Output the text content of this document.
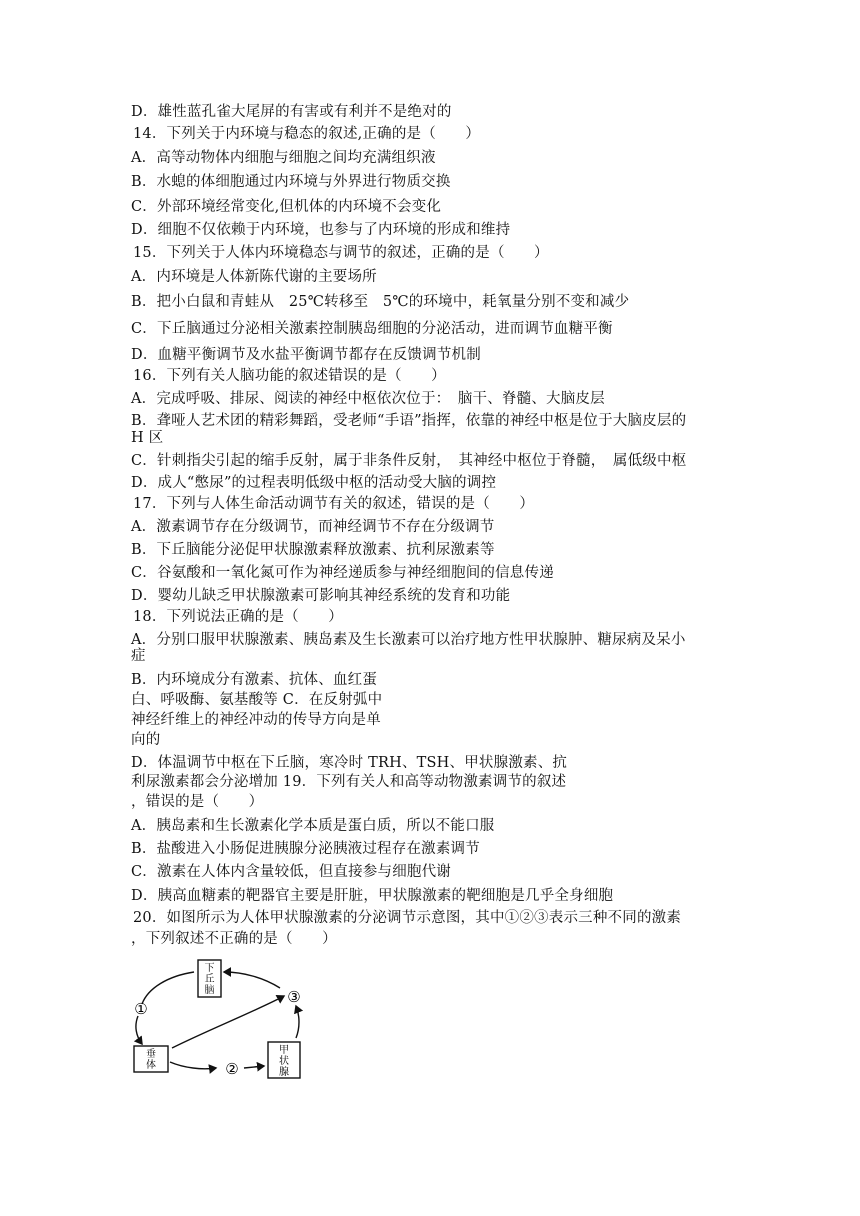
D．雄性蓝孔雀大尾屏的有害或有利并不是绝对的
14．下列关于内环境与稳态的叙述,正确的是（　　）
A．高等动物体内细胞与细胞之间均充满组织液
B．水螅的体细胞通过内环境与外界进行物质交换
C．外部环境经常变化,但机体的内环境不会变化
D．细胞不仅依赖于内环境，也参与了内环境的形成和维持
15．下列关于人体内环境稳态与调节的叙述，正确的是（　　）
A．内环境是人体新陈代谢的主要场所
B．把小白鼠和青蛙从　25℃转移至　5℃的环境中，耗氧量分别不变和减少
C．下丘脑通过分泌相关激素控制胰岛细胞的分泌活动，进而调节血糖平衡
D．血糖平衡调节及水盐平衡调节都存在反馈调节机制
16．下列有关人脑功能的叙述错误的是（　　）
A．完成呼吸、排尿、阅读的神经中枢依次位于：　脑干、脊髓、大脑皮层
B．聋哑人艺术团的精彩舞蹈，受老师“手语”指挥，依靠的神经中枢是位于大脑皮层的
H 区
C．针刺指尖引起的缩手反射，属于非条件反射，　其神经中枢位于脊髓，　属低级中枢
D．成人“憋尿”的过程表明低级中枢的活动受大脑的调控
17．下列与人体生命活动调节有关的叙述，错误的是（　　）
A．激素调节存在分级调节，而神经调节不存在分级调节
B．下丘脑能分泌促甲状腺激素释放激素、抗利尿激素等
C．谷氨酸和一氧化氮可作为神经递质参与神经细胞间的信息传递
D．婴幼儿缺乏甲状腺激素可影响其神经系统的发育和功能
18．下列说法正确的是（　　）
A．分别口服甲状腺激素、胰岛素及生长激素可以治疗地方性甲状腺肿、糖尿病及呆小
症
B．内环境成分有激素、抗体、血红蛋
白、呼吸酶、氨基酸等 C．在反射弧中
神经纤维上的神经冲动的传导方向是单
向的
D．体温调节中枢在下丘脑，寒冷时 TRH、TSH、甲状腺激素、抗
利尿激素都会分泌增加 19．下列有关人和高等动物激素调节的叙述
，错误的是（　　）
A．胰岛素和生长激素化学本质是蛋白质，所以不能口服
B．盐酸进入小肠促进胰腺分泌胰液过程存在激素调节
C．激素在人体内含量较低，但直接参与细胞代谢
D．胰高血糖素的靶器官主要是肝脏，甲状腺激素的靶细胞是几乎全身细胞
20．如图所示为人体甲状腺激素的分泌调节示意图，其中①②③表示三种不同的激素
，下列叙述不正确的是（　　）
下
丘
脑
垂
体
甲
状
腺
①
②
③
